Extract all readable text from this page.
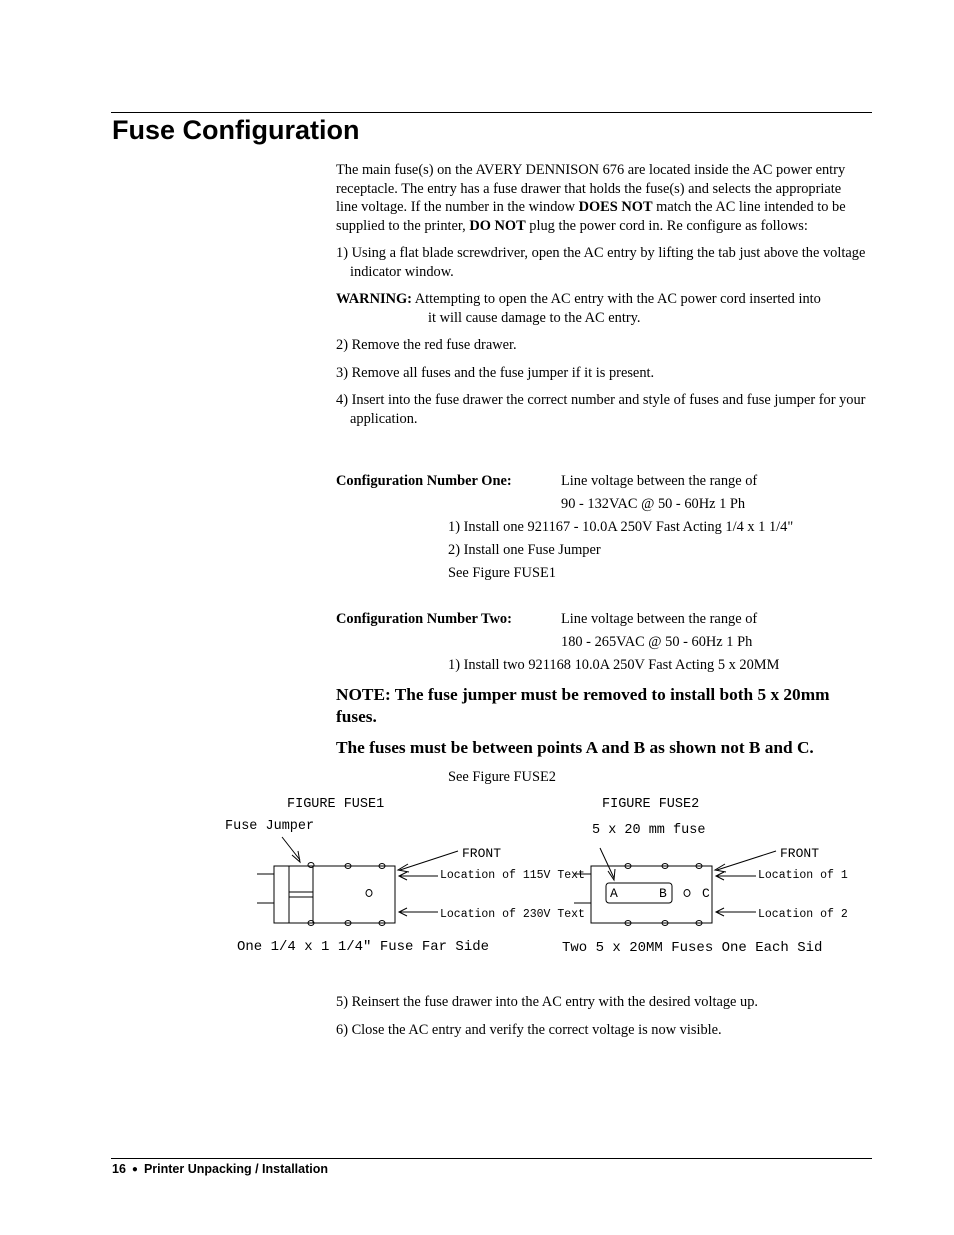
Fuse Configuration

The main fuse(s) on the AVERY DENNISON 676 are located inside the AC power entry receptacle. The entry has a fuse drawer that holds the fuse(s) and selects the appropriate line voltage. If the number in the window DOES NOT match the AC line intended to be supplied to the printer, DO NOT plug the power cord in. Re configure as follows:

1) Using a flat blade screwdriver, open the AC entry by lifting the tab just above the voltage indicator window.

WARNING: Attempting to open the AC entry with the AC power cord inserted into

it will cause damage to the AC entry.

2) Remove the red fuse drawer.

3) Remove all fuses and the fuse jumper if it is present.

4) Insert into the fuse drawer the correct number and style of fuses and fuse jumper for your application.

Configuration Number One:	Line voltage between the range of
90 - 132VAC @ 50 - 60Hz 1 Ph
1) Install one 921167 - 10.0A 250V Fast Acting 1/4 x 1 1/4"
2) Install one Fuse Jumper
See Figure FUSE1
Configuration Number Two:	Line voltage between the range of
180 - 265VAC @ 50 - 60Hz 1 Ph
1) Install two 921168 10.0A 250V Fast Acting 5 x 20MM
NOTE: The fuse jumper must be removed to install both 5 x 20mm fuses.
The fuses must be between points A and B as shown not B and C.
See Figure FUSE2
FIGURE FUSE1
Fuse Jumper
FRONT
Location of 115V Text
Location of 230V Text
One 1/4 x 1 1/4" Fuse Far Side
FIGURE FUSE2
5 x 20 mm fuse
FRONT
Location of 1
Location of 2
A	B	C
Two 5 x 20MM Fuses One Each Sid

5) Reinsert the fuse drawer into the AC entry with the desired voltage up.

6) Close the AC entry and verify the correct voltage is now visible.

16 ● Printer Unpacking / Installation
